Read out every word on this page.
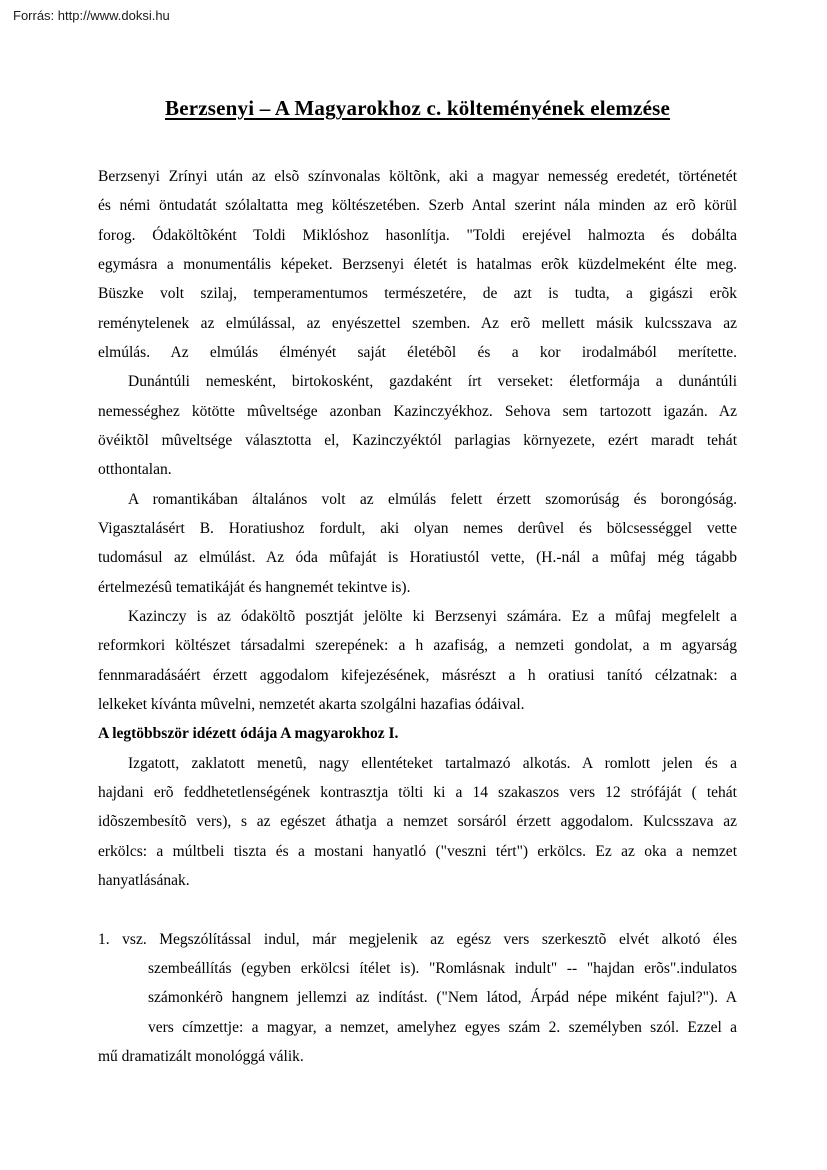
Forrás: http://www.doksi.hu
Berzsenyi – A Magyarokhoz c. költeményének elemzése
Berzsenyi Zrínyi után az elsõ színvonalas költõnk, aki a magyar nemesség eredetét, történetét
és némi öntudatát szólaltatta meg költészetében. Szerb Antal szerint nála minden az erõ körül
forog. Ódaköltõként Toldi Miklóshoz hasonlítja. "Toldi erejével halmozta és dobálta
egymásra a monumentális képeket. Berzsenyi életét is hatalmas erõk küzdelmeként élte meg.
Büszke volt szilaj, temperamentumos természetére, de azt is tudta, a gigászi erõk
reménytelenek az elmúlással, az enyészettel szemben. Az erõ mellett másik kulcsszava az
elmúlás. Az elmúlás élményét saját életébõl és a kor irodalmából merítette.
Dunántúli nemesként, birtokosként, gazdaként írt verseket: életformája a dunántúli
nemességhez kötötte mûveltsége azonban Kazinczyékhoz. Sehova sem tartozott igazán. Az
övéiktõl mûveltsége választotta el, Kazinczyéktól parlagias környezete, ezért maradt tehát
otthontalan.
A romantikában általános volt az elmúlás felett érzett szomorúság és borongóság.
Vigasztalásért B. Horatiushoz fordult, aki olyan nemes derûvel és bölcsességgel vette
tudomásul az elmúlást. Az óda mûfaját is Horatiustól vette, (H.-nál a mûfaj még tágabb
értelmezésû tematikáját és hangnemét tekintve is).
Kazinczy is az ódaköltõ posztját jelölte ki Berzsenyi számára. Ez a mûfaj megfelelt a
reformkori költészet társadalmi szerepének: a h azafiság, a nemzeti gondolat, a m agyarság
fennmaradásáért érzett aggodalom kifejezésének, másrészt a h oratiusi tanító célzatnak: a
lelkeket kívánta mûvelni, nemzetét akarta szolgálni hazafias ódáival.
A legtöbbször idézett ódája A magyarokhoz I.
Izgatott, zaklatott menetû, nagy ellentéteket tartalmazó alkotás. A romlott jelen és a
hajdani erõ feddhetetlenségének kontrasztja tölti ki a 14 szakaszos vers 12 strófáját ( tehát
idõszembesítõ vers), s az egészet áthatja a nemzet sorsáról érzett aggodalom. Kulcsszava az
erkölcs: a múltbeli tiszta és a mostani hanyatló ("veszni tért") erkölcs. Ez az oka a nemzet
hanyatlásának.
1. vsz. Megszólítással indul, már megjelenik az egész vers szerkesztõ elvét alkotó éles
szembeállítás (egyben erkölcsi ítélet is). "Romlásnak indult" -- "hajdan erõs".indulatos
számonkérõ hangnem jellemzi az indítást. ("Nem látod, Árpád népe miként fajul?"). A
vers címzettje: a magyar, a nemzet, amelyhez egyes szám 2. személyben szól. Ezzel a
mű dramatizált monológgá válik.
